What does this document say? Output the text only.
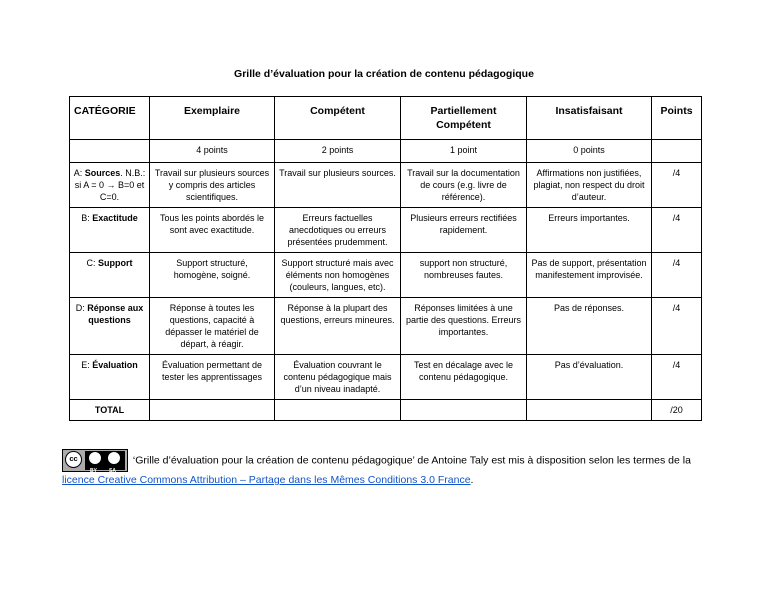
Grille d’évaluation pour la création de contenu pédagogique
CATÉGORIE	Exemplaire	Compétent	Partiellement Compétent	Insatisfaisant	Points
	4 points	2 points	1 point	0 points	
A: Sources. N.B.: si A = 0 → B=0 et C=0.	Travail sur plusieurs sources y compris des articles scientifiques.	Travail sur plusieurs sources.	Travail sur la documentation de cours (e.g. livre de référence).	Affirmations non justifiées, plagiat, non respect du droit d’auteur.	/4
B: Exactitude	Tous les points abordés le sont avec exactitude.	Erreurs factuelles anecdotiques ou erreurs présentées prudemment.	Plusieurs erreurs rectifiées rapidement.	Erreurs importantes.	/4
C: Support	Support structuré, homogène, soigné.	Support structuré mais avec éléments non homogènes (couleurs, langues, etc).	support non structuré, nombreuses fautes.	Pas de support, présentation manifestement improvisée.	/4
D: Réponse aux questions	Réponse à toutes les questions, capacité à dépasser le matériel de départ, à réagir.	Réponse à la plupart des questions, erreurs mineures.	Réponses limitées à une partie des questions. Erreurs importantes.	Pas de réponses.	/4
E: Évaluation	Évaluation permettant de tester les apprentissages	Évaluation couvrant le contenu pédagogique mais d’un niveau inadapté.	Test en décalage avec le contenu pédagogique.	Pas d’évaluation.	/4
TOTAL					/20
cc
BY SA
‘Grille d’évaluation pour la création de contenu pédagogique’ de Antoine Taly est mis à disposition selon les termes de la licence Creative Commons Attribution – Partage dans les Mêmes Conditions 3.0 France.
